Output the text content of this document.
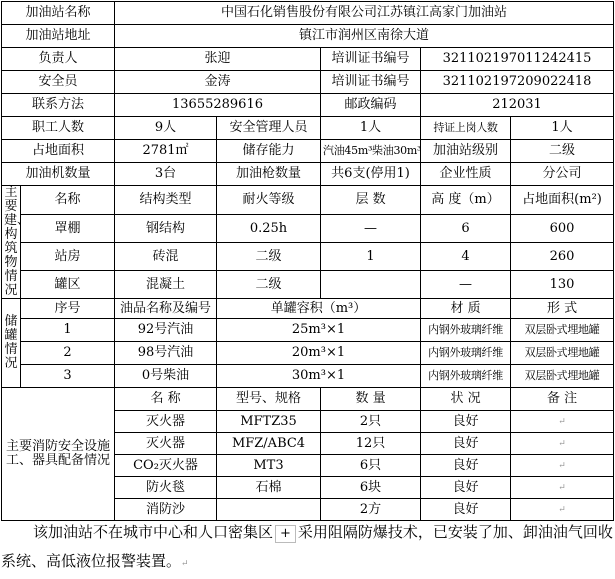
加油站名称		中国石化销售股份有限公司江苏镇江高家门加油站				
加油站地址		镇江市润州区南徐大道				
负责人		张迎		培训证书编号	321102197011242415	
安全员		金涛		培训证书编号	321102197209022418	
联系方法		13655289616		邮政编码	212031	
职工人数		9人	安全管理人员	1人	持证上岗人数	1人
占地面积		2781㎡	储存能力	汽油45m³柴油30m³	加油站级别	二级
加油机数量		3台	加油枪数量	共6支(停用1)	企业性质	分公司
主要建、构筑物情况	名称	结构类型	耐火等级	层 数	高 度（m）	占地面积(m²)
	罩棚	钢结构	0.25h	—	6	600
	站房	砖混	二级	1	4	260
	罐区	混凝土	二级		—	130
储罐情况	序号	油品名称及编号	单罐容积（m³）		材 质	形 式
	1	92号汽油	25m³×1		内钢外玻璃纤维	双层卧式埋地罐
	2	98号汽油	20m³×1		内钢外玻璃纤维	双层卧式埋地罐
	3	0号柴油	30m³×1		内钢外玻璃纤维	双层卧式埋地罐
主要消防安全设施工、器具配备情况		名 称	型号、规格	数 量	状 况	备 注
		灭火器	MFTZ35	2只	良好	↵
		灭火器	MFZ/ABC4	12只	良好	↵
		CO₂灭火器	MT3	6只	良好	↵
		防火毯	石棉	6块	良好	↵
		消防沙		2方	良好	↵
该加油站不在城市中心和人口密集区 + 采用阻隔防爆技术，已安装了加、卸油油气回收系统、高低液位报警装置。↵
